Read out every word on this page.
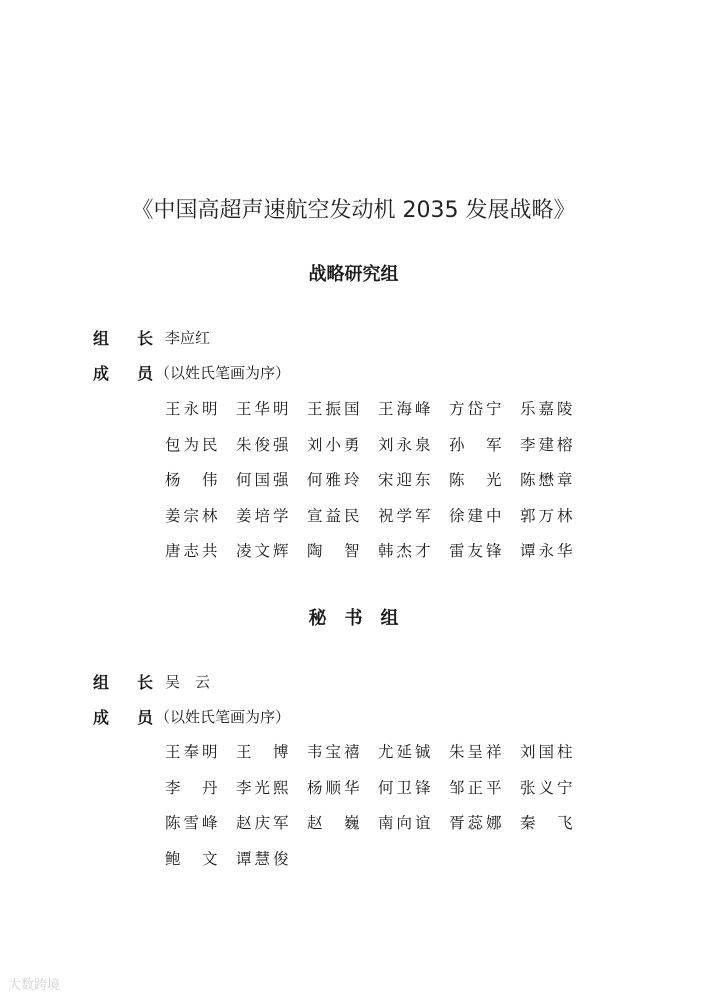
《中国高超声速航空发动机 2035 发展战略》
战略研究组
组　长 李应红
成　员
（以姓氏笔画为序）
王永明 王华明 王振国 王海峰 方岱宁 乐嘉陵
包为民 朱俊强 刘小勇 刘永泉 孙　军 李建榕
杨　伟 何国强 何雅玲 宋迎东 陈　光 陈懋章
姜宗林 姜培学 宣益民 祝学军 徐建中 郭万林
唐志共 凌文辉 陶　智 韩杰才 雷友锋 谭永华
秘　书　组
组　长 吴　云
成　员
（以姓氏笔画为序）
王奉明 王　博 韦宝禧 尤延铖 朱呈祥 刘国柱
李　丹 李光熙 杨顺华 何卫锋 邹正平 张义宁
陈雪峰 赵庆军 赵　巍 南向谊 胥蕊娜 秦　飞
鲍　文 谭慧俊
大数跨境
